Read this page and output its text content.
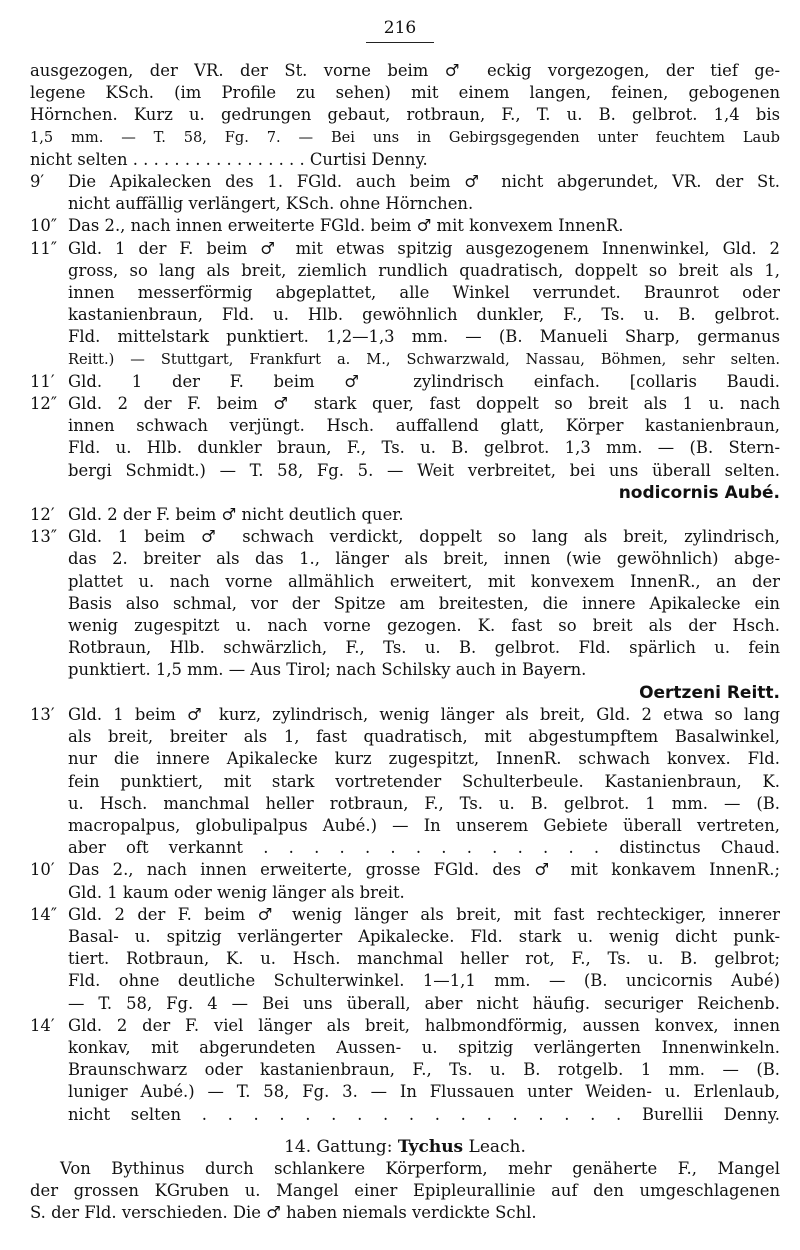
216
ausgezogen, der VR. der St. vorne beim ♂ eckig vorgezogen, der tief ge-
legene KSch. (im Profile zu sehen) mit einem langen, feinen, gebogenen
Hörnchen. Kurz u. gedrungen gebaut, rotbraun, F., T. u. B. gelbrot. 1,4 bis
1,5 mm. — T. 58, Fg. 7. — Bei uns in Gebirgsgegenden unter feuchtem Laub
nicht selten . . . . . . . . . . . . . . . . . Curtisi Denny.
9′	Die Apikalecken des 1. FGld. auch beim ♂ nicht abgerundet, VR. der St.
nicht auffällig verlängert, KSch. ohne Hörnchen.
10″ Das 2., nach innen erweiterte FGld. beim ♂ mit konvexem InnenR.
11″ Gld. 1 der F. beim ♂ mit etwas spitzig ausgezogenem Innenwinkel, Gld. 2
gross, so lang als breit, ziemlich rundlich quadratisch, doppelt so breit als 1,
innen messerförmig abgeplattet, alle Winkel verrundet. Braunrot oder
kastanienbraun, Fld. u. Hlb. gewöhnlich dunkler, F., Ts. u. B. gelbrot.
Fld. mittelstark punktiert. 1,2—1,3 mm. — (B. Manueli Sharp, germanus
Reitt.) — Stuttgart, Frankfurt a. M., Schwarzwald, Nassau, Böhmen, sehr selten.
11′ Gld. 1 der F. beim ♂ zylindrisch einfach. [collaris Baudi.
12″ Gld. 2 der F. beim ♂ stark quer, fast doppelt so breit als 1 u. nach
innen schwach verjüngt. Hsch. auffallend glatt, Körper kastanienbraun,
Fld. u. Hlb. dunkler braun, F., Ts. u. B. gelbrot. 1,3 mm. — (B. Stern-
bergi Schmidt.) — T. 58, Fg. 5. — Weit verbreitet, bei uns überall selten.
nodicornis Aubé.
12′ Gld. 2 der F. beim ♂ nicht deutlich quer.
13″ Gld. 1 beim ♂ schwach verdickt, doppelt so lang als breit, zylindrisch,
das 2. breiter als das 1., länger als breit, innen (wie gewöhnlich) abge-
plattet u. nach vorne allmählich erweitert, mit konvexem InnenR., an der
Basis also schmal, vor der Spitze am breitesten, die innere Apikalecke ein
wenig zugespitzt u. nach vorne gezogen. K. fast so breit als der Hsch.
Rotbraun, Hlb. schwärzlich, F., Ts. u. B. gelbrot. Fld. spärlich u. fein
punktiert. 1,5 mm. — Aus Tirol; nach Schilsky auch in Bayern.
Oertzeni Reitt.
13′ Gld. 1 beim ♂ kurz, zylindrisch, wenig länger als breit, Gld. 2 etwa so lang
als breit, breiter als 1, fast quadratisch, mit abgestumpftem Basalwinkel,
nur die innere Apikalecke kurz zugespitzt, InnenR. schwach konvex. Fld.
fein punktiert, mit stark vortretender Schulterbeule. Kastanienbraun, K.
u. Hsch. manchmal heller rotbraun, F., Ts. u. B. gelbrot. 1 mm. — (B.
macropalpus, globulipalpus Aubé.) — In unserem Gebiete überall vertreten,
aber oft verkannt . . . . . . . . . . . . . . distinctus Chaud.
10′ Das 2., nach innen erweiterte, grosse FGld. des ♂ mit konkavem InnenR.;
Gld. 1 kaum oder wenig länger als breit.
14″ Gld. 2 der F. beim ♂ wenig länger als breit, mit fast rechteckiger, innerer
Basal- u. spitzig verlängerter Apikalecke. Fld. stark u. wenig dicht punk-
tiert. Rotbraun, K. u. Hsch. manchmal heller rot, F., Ts. u. B. gelbrot;
Fld. ohne deutliche Schulterwinkel. 1—1,1 mm. — (B. uncicornis Aubé)
— T. 58, Fg. 4 — Bei uns überall, aber nicht häufig. securiger Reichenb.
14′ Gld. 2 der F. viel länger als breit, halbmondförmig, aussen konvex, innen
konkav, mit abgerundeten Aussen- u. spitzig verlängerten Innenwinkeln.
Braunschwarz oder kastanienbraun, F., Ts. u. B. rotgelb. 1 mm. — (B.
luniger Aubé.) — T. 58, Fg. 3. — In Flussauen unter Weiden- u. Erlenlaub,
nicht selten . . . . . . . . . . . . . . . . . Burellii Denny.
14. Gattung: Tychus Leach.
Von Bythinus durch schlankere Körperform, mehr genäherte F., Mangel
der grossen KGruben u. Mangel einer Epipleurallinie auf den umgeschlagenen
S. der Fld. verschieden. Die ♂ haben niemals verdickte Schl.
